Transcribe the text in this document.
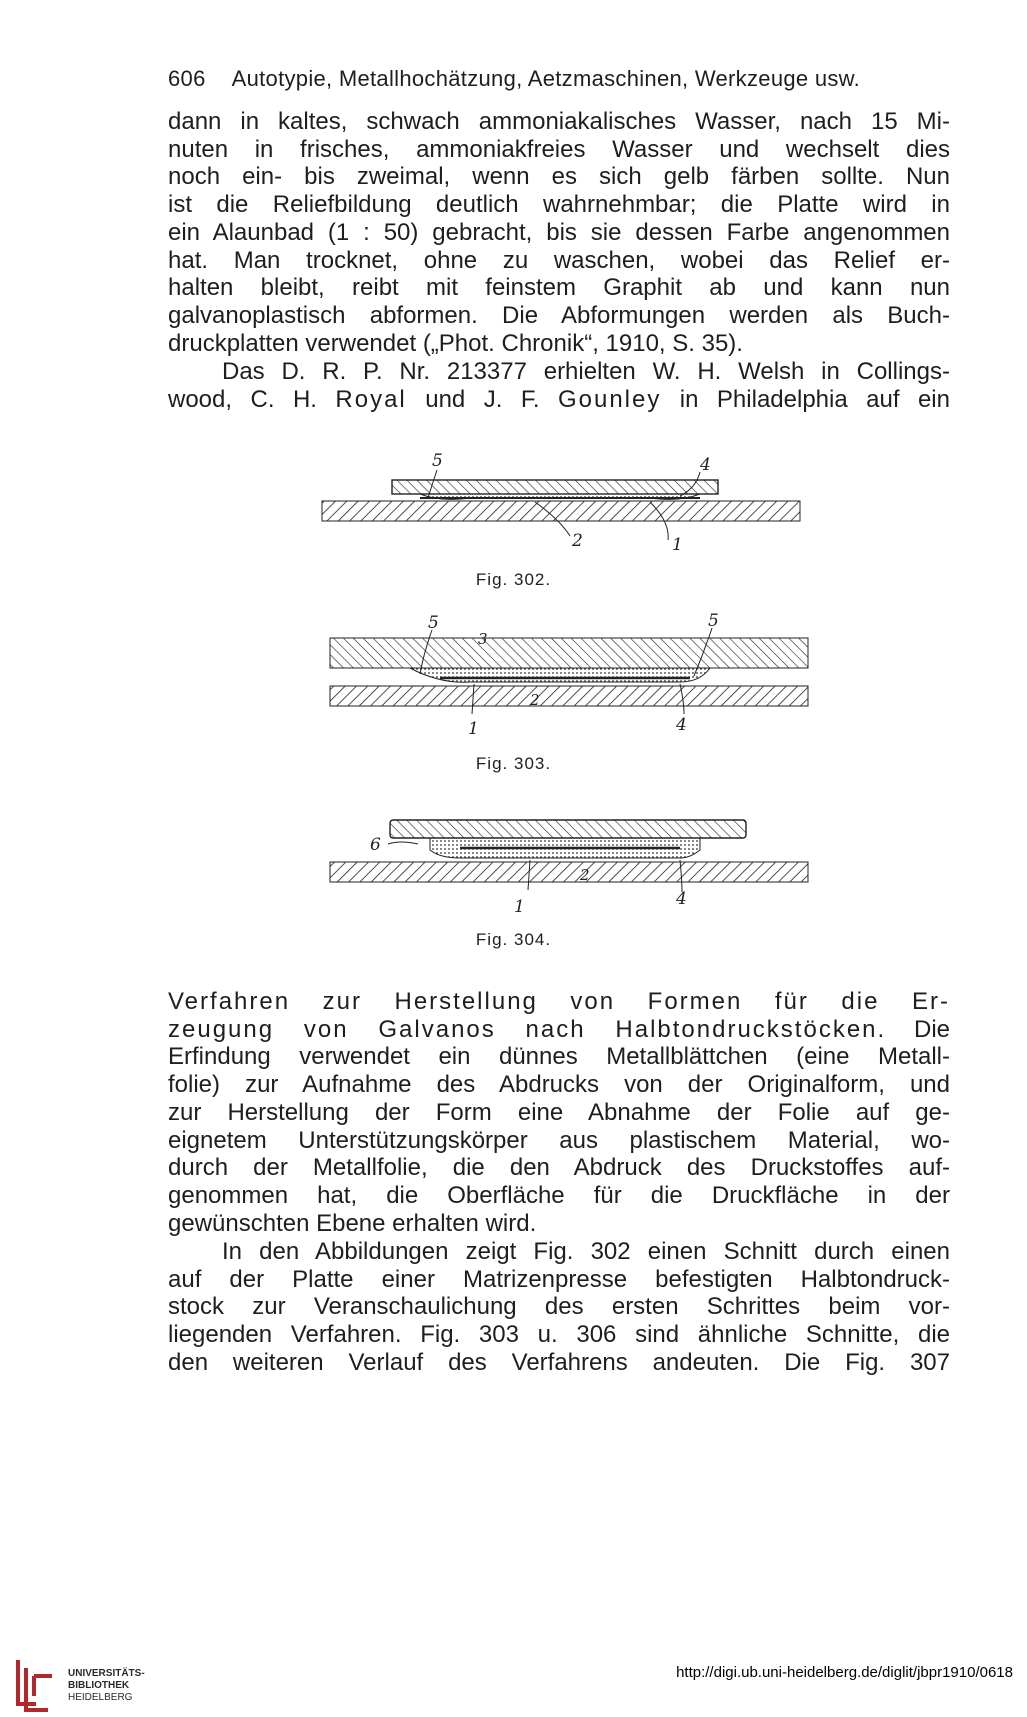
606 Autotypie, Metallhochätzung, Aetzmaschinen, Werkzeuge usw.

dann in kaltes, schwach ammoniakalisches Wasser, nach 15 Mi-
nuten in frisches, ammoniakfreies Wasser und wechselt dies
noch ein- bis zweimal, wenn es sich gelb färben sollte. Nun
ist die Reliefbildung deutlich wahrnehmbar; die Platte wird in
ein Alaunbad (1 : 50) gebracht, bis sie dessen Farbe angenommen
hat. Man trocknet, ohne zu waschen, wobei das Relief er-
halten bleibt, reibt mit feinstem Graphit ab und kann nun
galvanoplastisch abformen. Die Abformungen werden als Buch-
druckplatten verwendet („Phot. Chronik“, 1910, S. 35).

Das D. R. P. Nr. 213377 erhielten W. H. Welsh in Collings-
wood, C. H. Royal und J. F. Gounley in Philadelphia auf ein

5	4
2	1
Fig. 302.
5
3
5
2
1	4
Fig. 303.
6
2
1	4
Fig. 304.

Verfahren zur Herstellung von Formen für die Er-
zeugung von Galvanos nach Halbtondruckstöcken. Die
Erfindung verwendet ein dünnes Metallblättchen (eine Metall-
folie) zur Aufnahme des Abdrucks von der Originalform, und
zur Herstellung der Form eine Abnahme der Folie auf ge-
eignetem Unterstützungskörper aus plastischem Material, wo-
durch der Metallfolie, die den Abdruck des Druckstoffes auf-
genommen hat, die Oberfläche für die Druckfläche in der
gewünschten Ebene erhalten wird.

In den Abbildungen zeigt Fig. 302 einen Schnitt durch einen
auf der Platte einer Matrizenpresse befestigten Halbtondruck-
stock zur Veranschaulichung des ersten Schrittes beim vor-
liegenden Verfahren. Fig. 303 u. 306 sind ähnliche Schnitte, die
den weiteren Verlauf des Verfahrens andeuten. Die Fig. 307

UNIVERSITÄTS-
BIBLIOTHEK
HEIDELBERG
http://digi.ub.uni-heidelberg.de/diglit/jbpr1910/0618
